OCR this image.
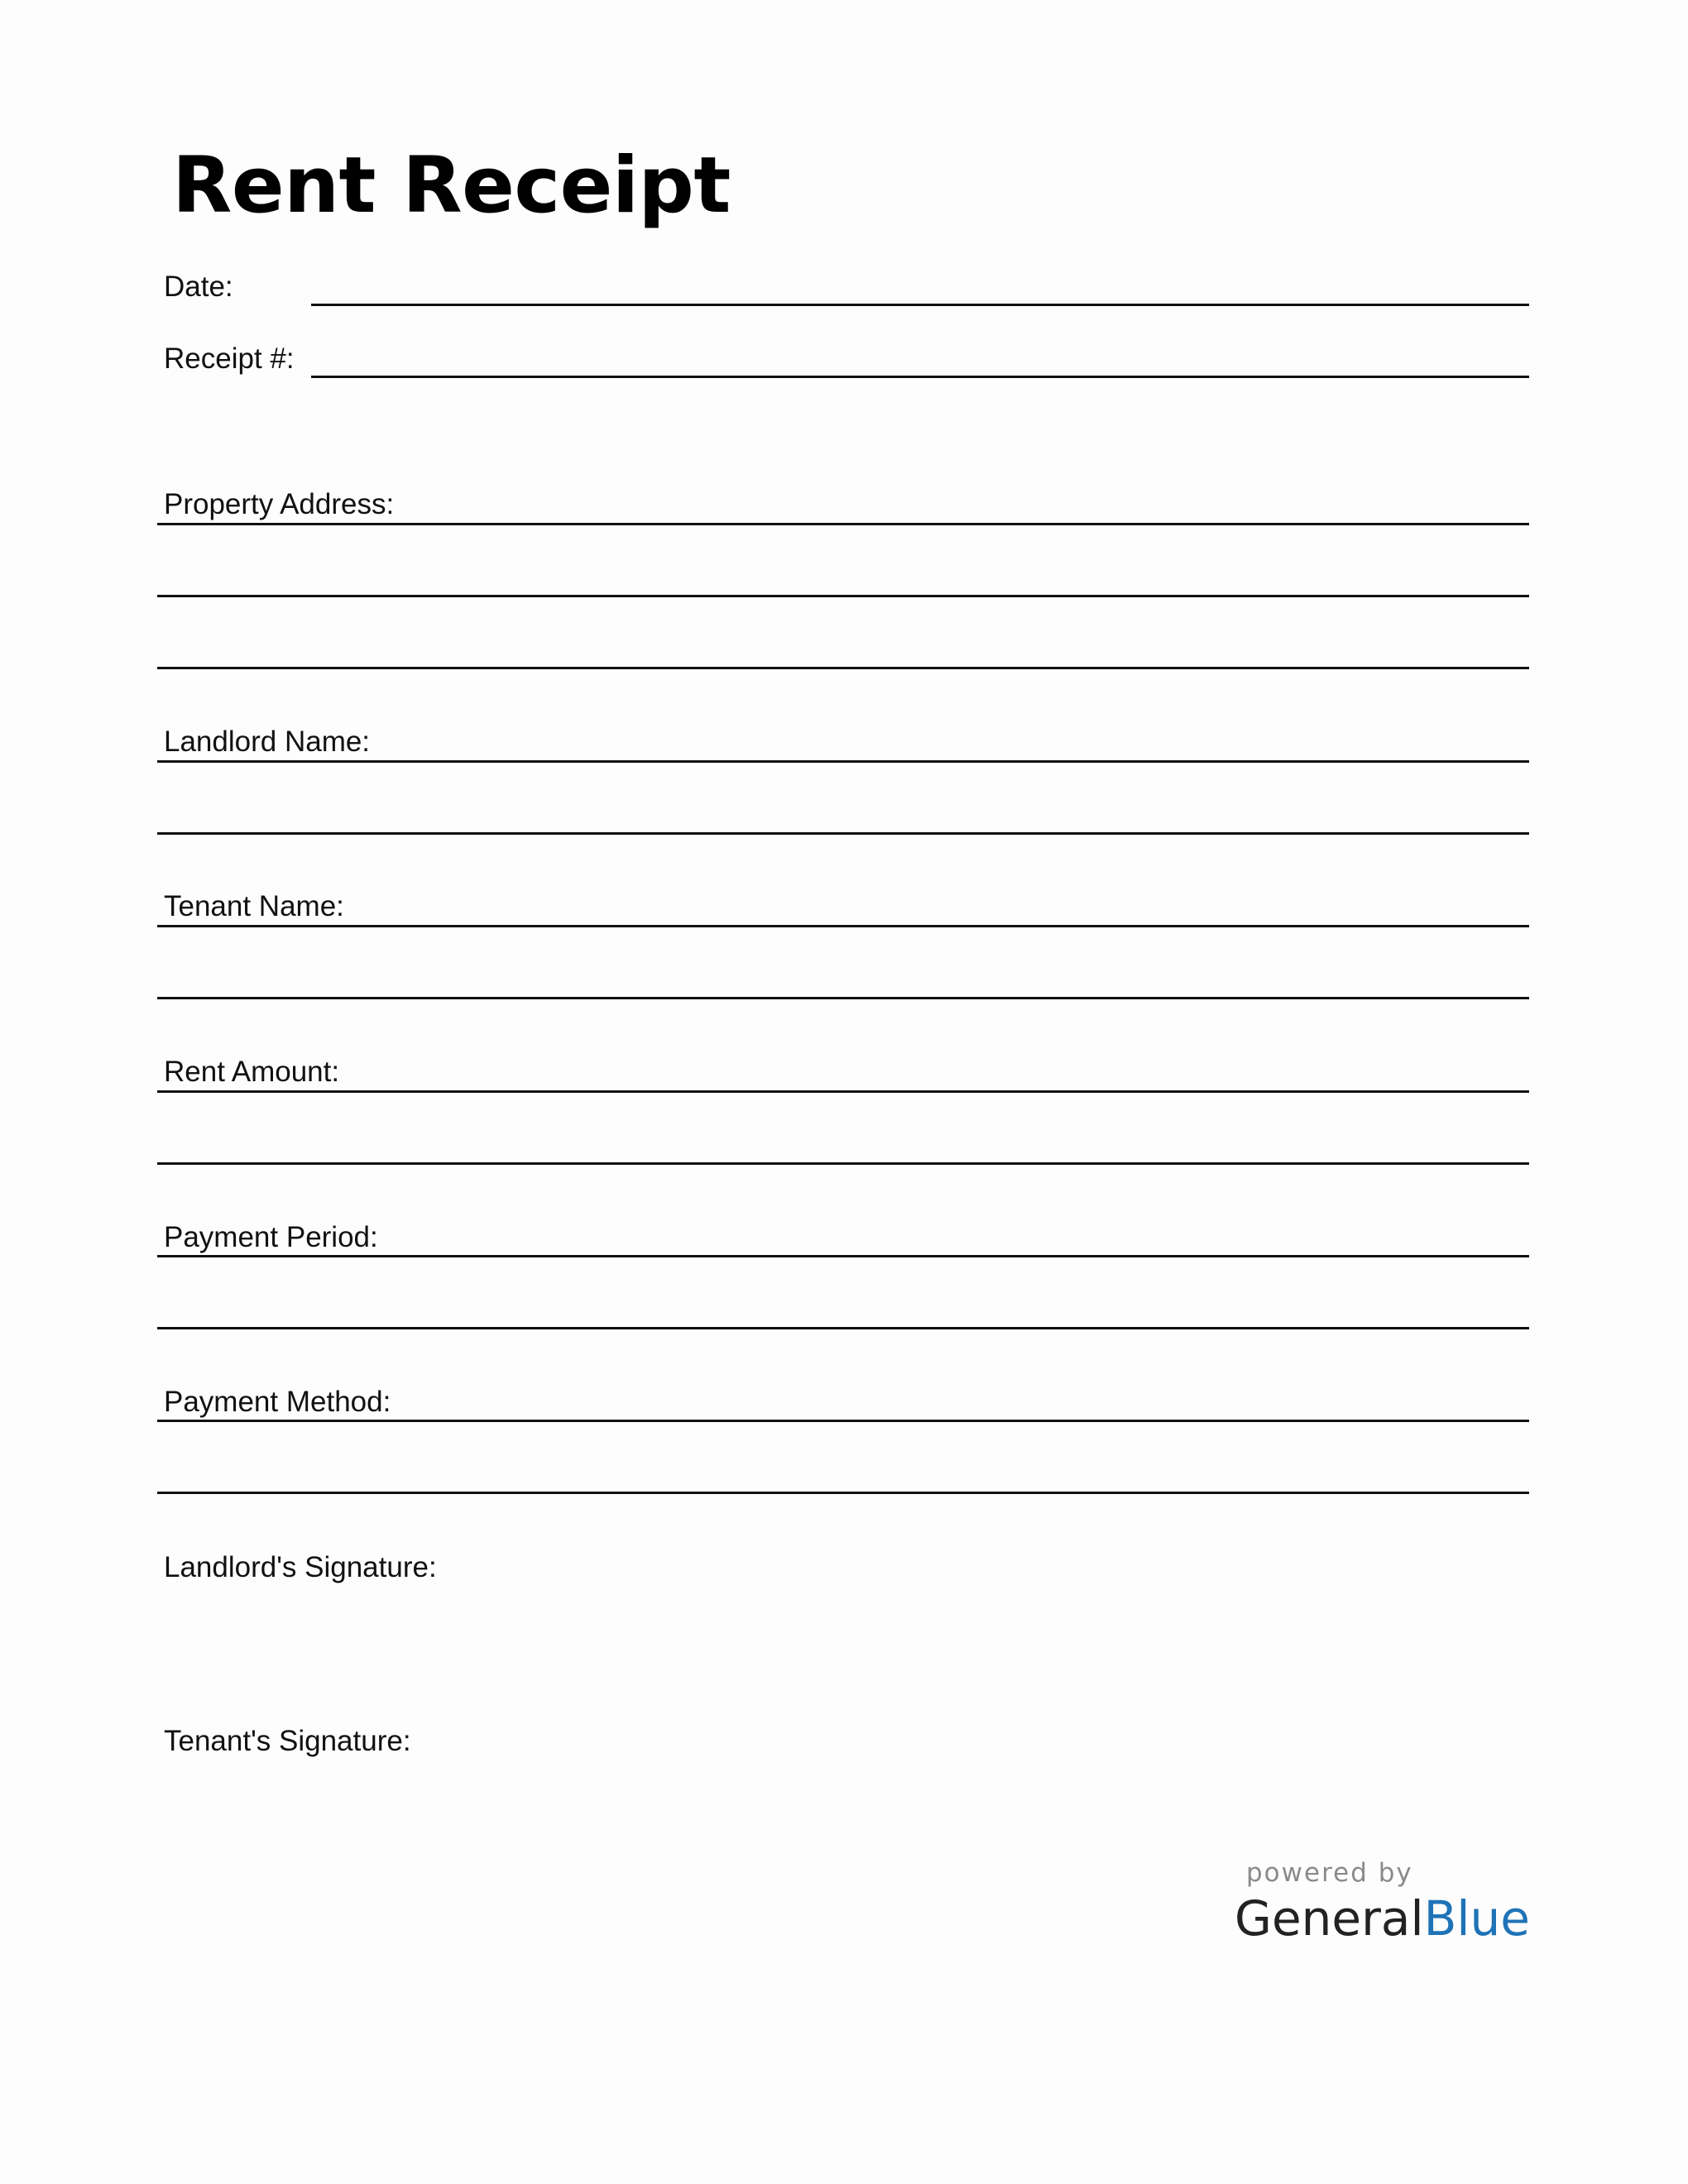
Rent Receipt
Date:
Receipt #:
Property Address:
Landlord Name:
Tenant Name:
Rent Amount:
Payment Period:
Payment Method:
Landlord's Signature:
Tenant's Signature:
powered by
GeneralBlue
